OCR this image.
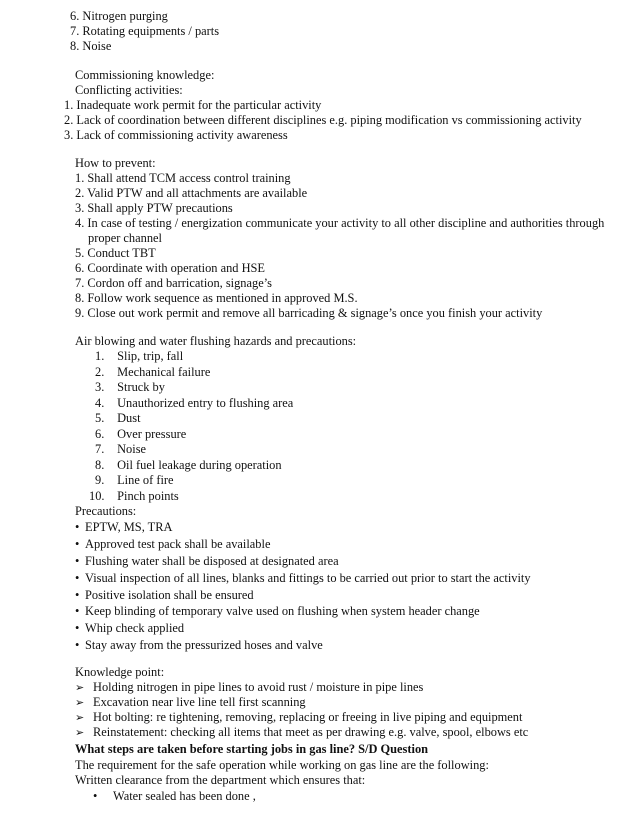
6. Nitrogen purging
7. Rotating equipments / parts
8. Noise
Commissioning knowledge:
Conflicting activities:
1. Inadequate work permit for the particular activity
2. Lack of coordination between different disciplines e.g. piping modification vs commissioning activity
3. Lack of commissioning activity awareness
How to prevent:
1. Shall attend TCM access control training
2. Valid PTW and all attachments are available
3. Shall apply PTW precautions
4. In case of testing / energization communicate your activity to all other discipline and authorities through
proper channel
5. Conduct TBT
6. Coordinate with operation and HSE
7. Cordon off and barrication, signage’s
8. Follow work sequence as mentioned in approved M.S.
9. Close out work permit and remove all barricading & signage’s once you finish your activity
Air blowing and water flushing hazards and precautions:
1. Slip, trip, fall
2. Mechanical failure
3. Struck by
4. Unauthorized entry to flushing area
5. Dust
6. Over pressure
7. Noise
8. Oil fuel leakage during operation
9. Line of fire
10. Pinch points
Precautions:
• EPTW, MS, TRA
• Approved test pack shall be available
• Flushing water shall be disposed at designated area
• Visual inspection of all lines, blanks and fittings to be carried out prior to start the activity
• Positive isolation shall be ensured
• Keep blinding of temporary valve used on flushing when system header change
• Whip check applied
• Stay away from the pressurized hoses and valve
Knowledge point:
➢ Holding nitrogen in pipe lines to avoid rust / moisture in pipe lines
➢ Excavation near live line tell first scanning
➢ Hot bolting: re tightening, removing, replacing or freeing in live piping and equipment
➢ Reinstatement: checking all items that meet as per drawing e.g. valve, spool, elbows etc
What steps are taken before starting jobs in gas line? S/D Question
The requirement for the safe operation while working on gas line are the following:
Written clearance from the department which ensures that:
• Water sealed has been done ,
